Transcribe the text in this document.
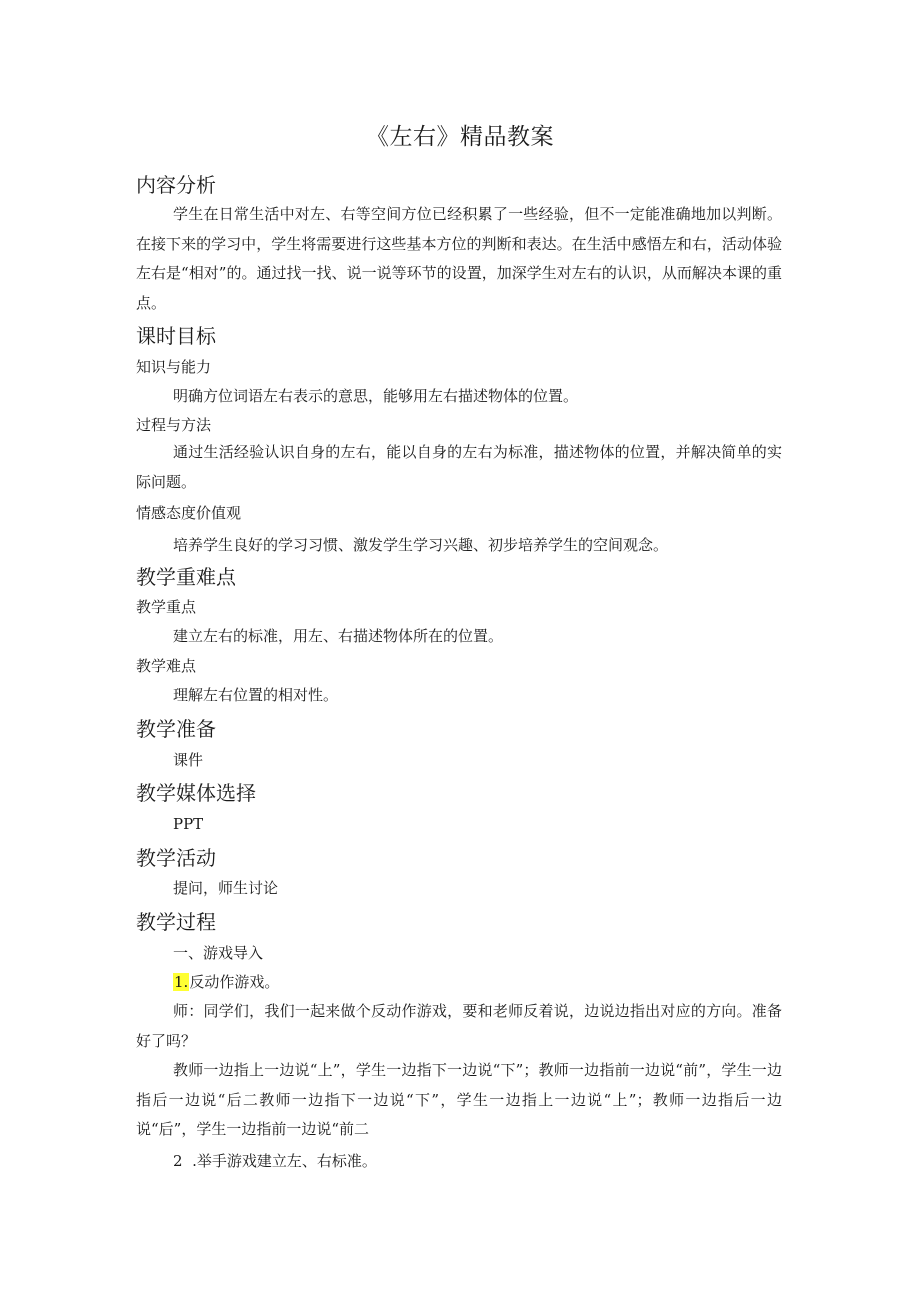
《左右》精品教案
内容分析

学生在日常生活中对左、右等空间方位已经积累了一些经验，但不一定能准确地加以判断。在接下来的学习中，学生将需要进行这些基本方位的判断和表达。在生活中感悟左和右，活动体验左右是“相对”的。通过找一找、说一说等环节的设置，加深学生对左右的认识，从而解决本课的重点。

课时目标
知识与能力
明确方位词语左右表示的意思，能够用左右描述物体的位置。
过程与方法

通过生活经验认识自身的左右，能以自身的左右为标准，描述物体的位置，并解决简单的实际问题。

情感态度价值观
培养学生良好的学习习惯、激发学生学习兴趣、初步培养学生的空间观念。
教学重难点
教学重点
建立左右的标准，用左、右描述物体所在的位置。
教学难点
理解左右位置的相对性。
教学准备
课件
教学媒体选择
PPT
教学活动
提问，师生讨论
教学过程
一、游戏导入
1.反动作游戏。

师：同学们，我们一起来做个反动作游戏，要和老师反着说，边说边指出对应的方向。准备好了吗？

教师一边指上一边说“上”，学生一边指下一边说“下”；教师一边指前一边说“前”，学生一边指后一边说“后二教师一边指下一边说“下”，学生一边指上一边说“上”；教师一边指后一边说“后”，学生一边指前一边说“前二

2 .举手游戏建立左、右标准。
